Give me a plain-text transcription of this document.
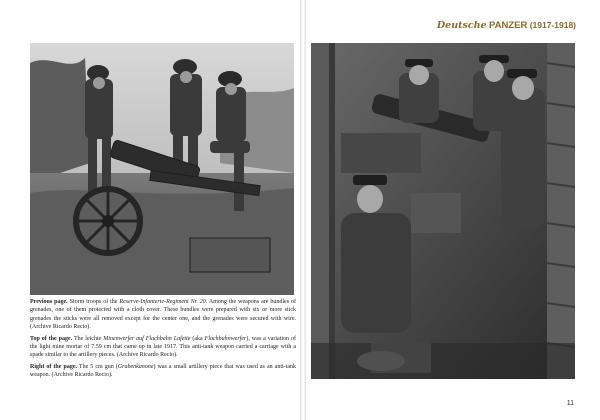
Deutsche PANZER (1917-1918)

Previous page. Storm troops of the Reserve-Infanterie-Regiment Nr. 20. Among the weapons are bundles of grenades, one of them protected with a cloth cover. These bundles were prepared with six or more stick grenades the sticks were all removed except for the center one, and the grenades were secured with wire. (Archive Ricardo Recio).

Top of the page. The leichte Minenwerfer auf Flachbahn Lafette (aka Flachbahnwerfer), was a variation of the light mine mortar of 7.59 cm that came up in late 1917. This anti-tank weapon carried a carriage with a spade similar to the artillery pieces. (Archive Ricardo Recio).

Right of the page. The 5 cm gun (Grabenkanone) was a small artillery piece that was used as an anti-tank weapon. (Archive Ricardo Recio).

11
